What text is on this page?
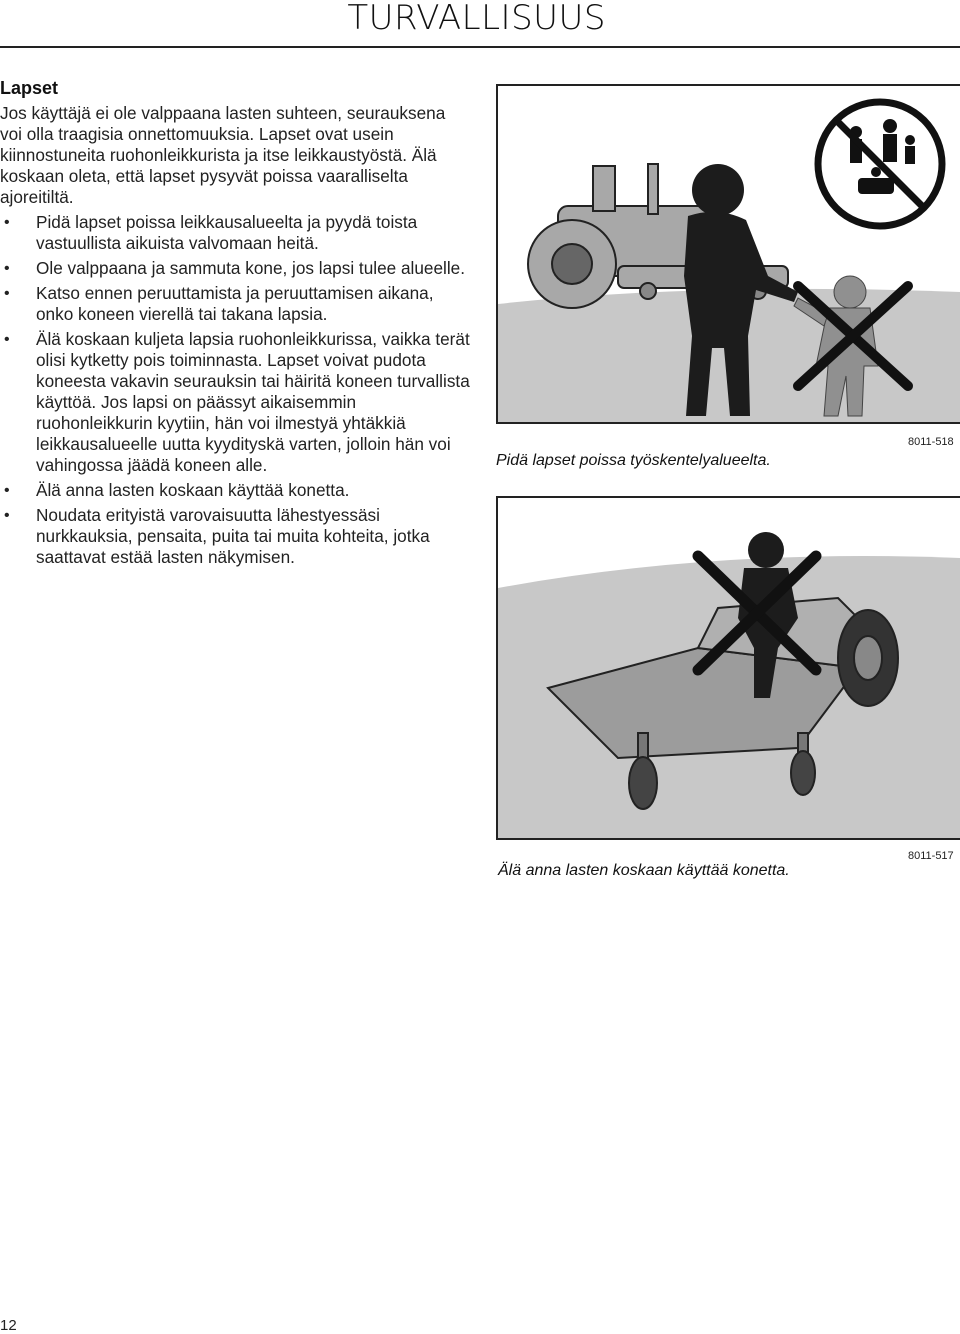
TURVALLISUUS
Lapset

Jos käyttäjä ei ole valppaana lasten suhteen, seurauksena voi olla traagisia onnettomuuksia. Lapset ovat usein kiinnostuneita ruohonleikkurista ja itse leikkaustyöstä. Älä koskaan oleta, että lapset pysyvät poissa vaaralliselta ajoreitiltä.

• Pidä lapset poissa leikkausalueelta ja pyydä toista vastuullista aikuista valvomaan heitä.
• Ole valppaana ja sammuta kone, jos lapsi tulee alueelle.
• Katso ennen peruuttamista ja peruuttamisen aikana, onko koneen vierellä tai takana lapsia.
• Älä koskaan kuljeta lapsia ruohonleikkurissa, vaikka terät olisi kytketty pois toiminnasta. Lapset voivat pudota koneesta vakavin seurauksin tai häiritä koneen turvallista käyttöä. Jos lapsi on päässyt aikaisemmin ruohonleikkurin kyytiin, hän voi ilmestyä yhtäkkiä leikkausalueelle uutta kyydityskä varten, jolloin hän voi vahingossa jäädä koneen alle.
• Älä anna lasten koskaan käyttää konetta.
• Noudata erityistä varovaisuutta lähestyessäsi nurkkauksia, pensaita, puita tai muita kohteita, jotka saattavat estää lasten näkymisen.
Pidä lapset poissa työskentelyalueelta.
8011-518
Älä anna lasten koskaan käyttää konetta.
8011-517
12
